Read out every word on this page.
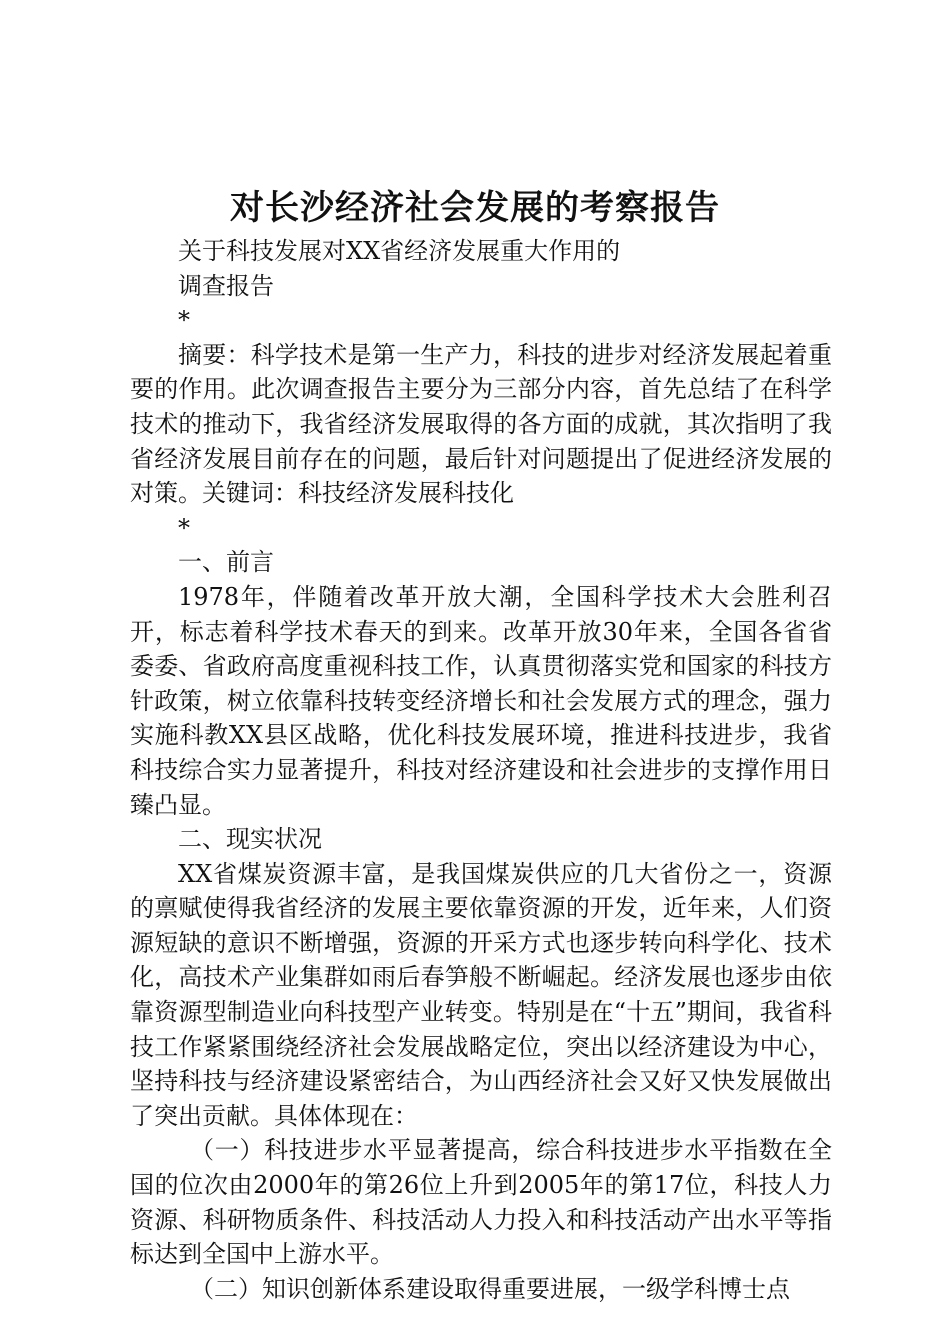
对长沙经济社会发展的考察报告

关于科技发展对XX省经济发展重大作用的

调查报告

*

摘要：科学技术是第一生产力，科技的进步对经济发展起着重要的作用。此次调查报告主要分为三部分内容，首先总结了在科学技术的推动下，我省经济发展取得的各方面的成就，其次指明了我省经济发展目前存在的问题，最后针对问题提出了促进经济发展的对策。关键词：科技经济发展科技化

*

一、前言

1978年，伴随着改革开放大潮，全国科学技术大会胜利召开，标志着科学技术春天的到来。改革开放30年来，全国各省省委委、省政府高度重视科技工作，认真贯彻落实党和国家的科技方针政策，树立依靠科技转变经济增长和社会发展方式的理念，强力实施科教XX县区战略，优化科技发展环境，推进科技进步，我省科技综合实力显著提升，科技对经济建设和社会进步的支撑作用日臻凸显。

二、现实状况

XX省煤炭资源丰富，是我国煤炭供应的几大省份之一，资源的禀赋使得我省经济的发展主要依靠资源的开发，近年来，人们资源短缺的意识不断增强，资源的开采方式也逐步转向科学化、技术化，高技术产业集群如雨后春笋般不断崛起。经济发展也逐步由依靠资源型制造业向科技型产业转变。特别是在“十五”期间，我省科技工作紧紧围绕经济社会发展战略定位，突出以经济建设为中心，坚持科技与经济建设紧密结合，为山西经济社会又好又快发展做出了突出贡献。具体体现在：

（一）科技进步水平显著提高，综合科技进步水平指数在全国的位次由2000年的第26位上升到2005年的第17位，科技人力资源、科研物质条件、科技活动人力投入和科技活动产出水平等指标达到全国中上游水平。

（二）知识创新体系建设取得重要进展，一级学科博士点
